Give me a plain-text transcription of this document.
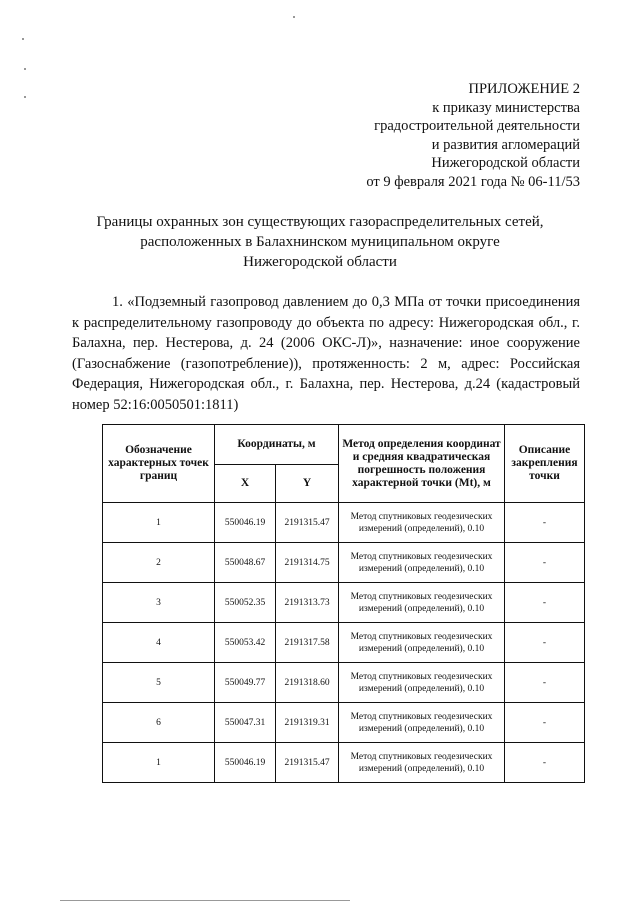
ПРИЛОЖЕНИЕ 2
к приказу министерства
градостроительной деятельности
и развития агломераций
Нижегородской области
от 9 февраля 2021 года № 06-11/53
Границы охранных зон существующих газораспределительных сетей,
расположенных в Балахнинском муниципальном округе
Нижегородской области

1. «Подземный газопровод давлением до 0,3 МПа от точки присоединения к распределительному газопроводу до объекта по адресу: Нижегородская обл., г. Балахна, пер. Нестерова, д. 24 (2006 ОКС-Л)», назначение: иное сооружение (Газоснабжение (газопотребление)), протяженность: 2 м, адрес: Российская Федерация, Нижегородская обл., г. Балахна, пер. Нестерова, д.24 (кадастровый номер 52:16:0050501:1811)

Обозначение характерных точек границ	Координаты, м		Метод определения координат и средняя квадратическая погрешность положения характерной точки (Mt), м	Описание закрепления точки
	X	Y		
1	550046.19	2191315.47	Метод спутниковых геодезических измерений (определений), 0.10	-
2	550048.67	2191314.75	Метод спутниковых геодезических измерений (определений), 0.10	-
3	550052.35	2191313.73	Метод спутниковых геодезических измерений (определений), 0.10	-
4	550053.42	2191317.58	Метод спутниковых геодезических измерений (определений), 0.10	-
5	550049.77	2191318.60	Метод спутниковых геодезических измерений (определений), 0.10	-
6	550047.31	2191319.31	Метод спутниковых геодезических измерений (определений), 0.10	-
1	550046.19	2191315.47	Метод спутниковых геодезических измерений (определений), 0.10	-
